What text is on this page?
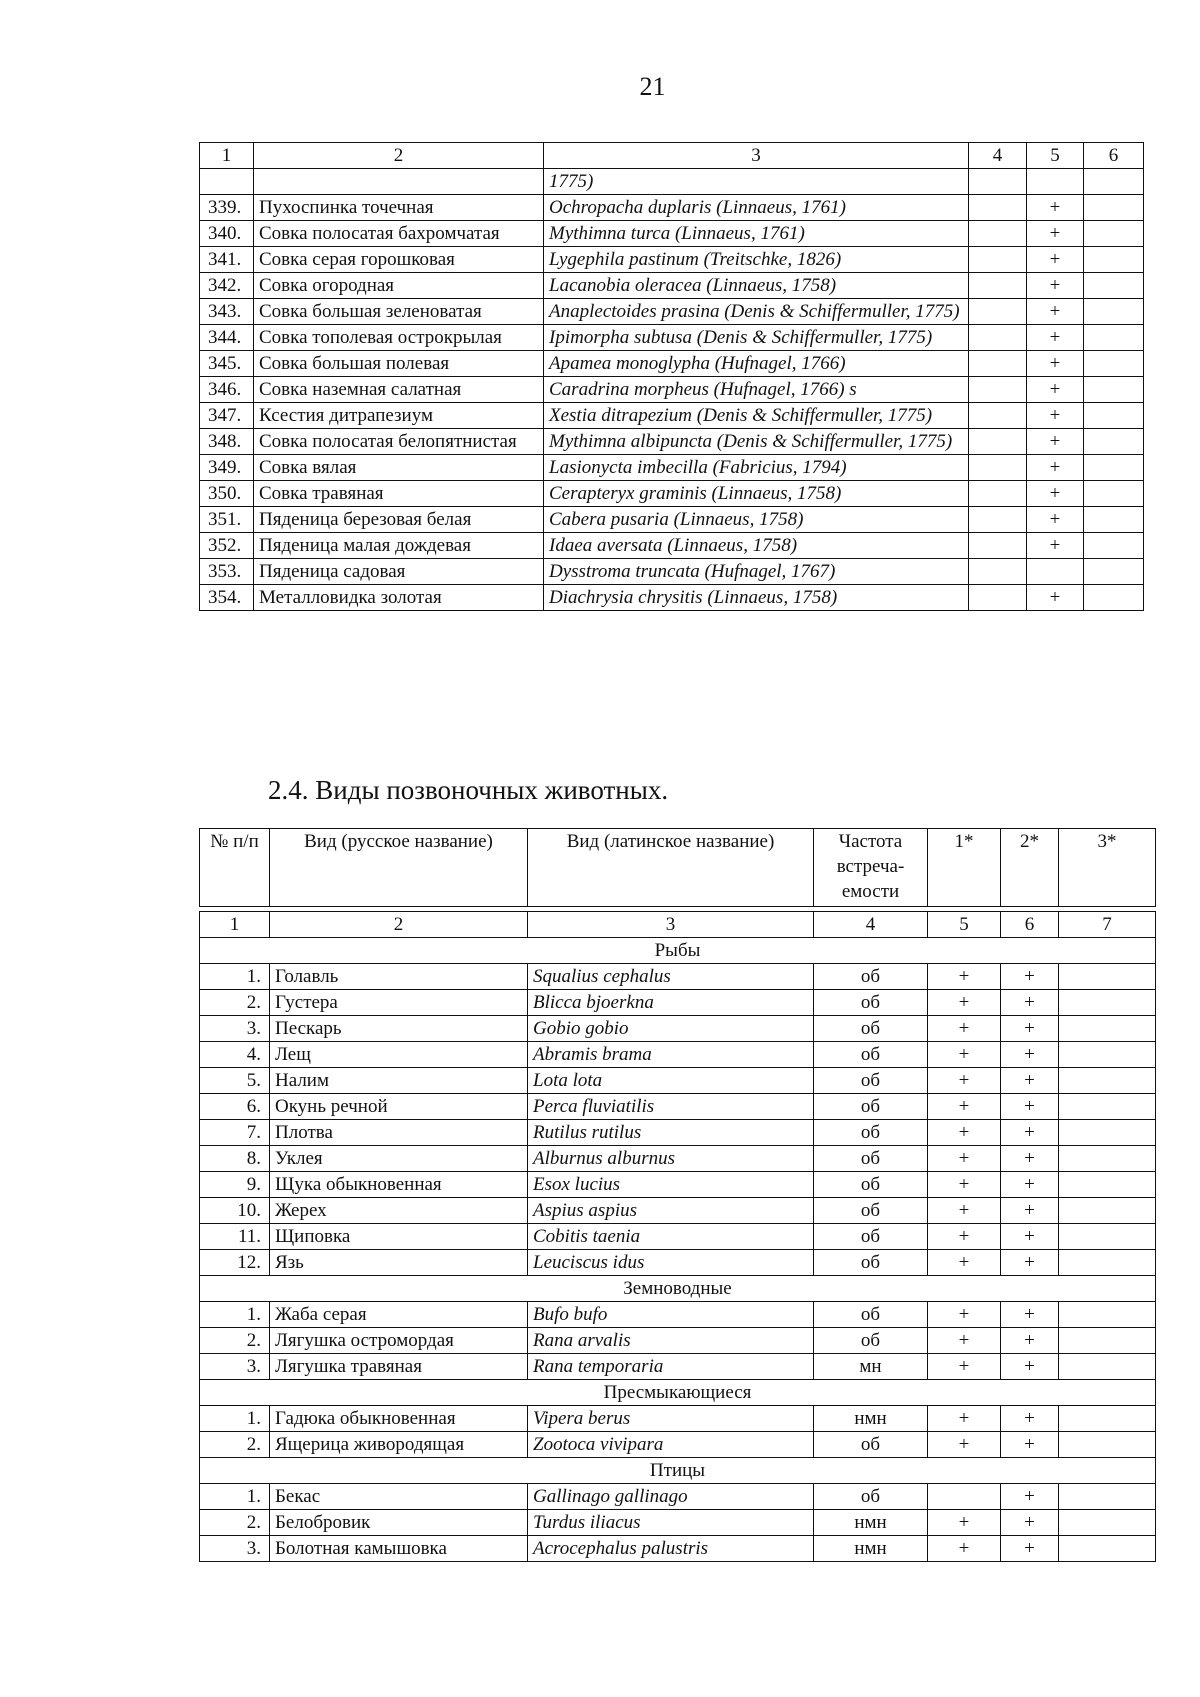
21
1	2	3	4	5	6
		1775)			
339.	Пухоспинка точечная	Ochropacha duplaris (Linnaeus, 1761)		+	
340.	Совка полосатая бахромчатая	Mythimna turca (Linnaeus, 1761)		+	
341.	Совка серая горошковая	Lygephila pastinum (Treitschke, 1826)		+	
342.	Совка огородная	Lacanobia oleracea (Linnaeus, 1758)		+	
343.	Совка большая зеленоватая	Anaplectoides prasina (Denis & Schiffermuller, 1775)		+	
344.	Совка тополевая острокрылая	Ipimorpha subtusa (Denis & Schiffermuller, 1775)		+	
345.	Совка большая полевая	Apamea monoglypha (Hufnagel, 1766)		+	
346.	Совка наземная салатная	Caradrina morpheus (Hufnagel, 1766) s		+	
347.	Ксестия дитрапезиум	Xestia ditrapezium (Denis & Schiffermuller, 1775)		+	
348.	Совка полосатая белопятнистая	Mythimna albipuncta (Denis & Schiffermuller, 1775)		+	
349.	Совка вялая	Lasionycta imbecilla (Fabricius, 1794)		+	
350.	Совка травяная	Cerapteryx graminis (Linnaeus, 1758)		+	
351.	Пяденица березовая белая	Cabera pusaria (Linnaeus, 1758)		+	
352.	Пяденица малая дождевая	Idaea aversata (Linnaeus, 1758)		+	
353.	Пяденица садовая	Dysstroma truncata (Hufnagel, 1767)			
354.	Металловидка золотая	Diachrysia chrysitis (Linnaeus, 1758)		+	
2.4. Виды позвоночных животных.
№ п/п	Вид (русское название)	Вид (латинское название)	Частота встреча-емости	1*	2*	3*

1	2	3	4	5	6	7
Рыбы						
1.	Голавль	Squalius cephalus	об	+	+	
2.	Густера	Blicca bjoerkna	об	+	+	
3.	Пескарь	Gobio gobio	об	+	+	
4.	Лещ	Abramis brama	об	+	+	
5.	Налим	Lota lota	об	+	+	
6.	Окунь речной	Perca fluviatilis	об	+	+	
7.	Плотва	Rutilus rutilus	об	+	+	
8.	Уклея	Alburnus alburnus	об	+	+	
9.	Щука обыкновенная	Esox lucius	об	+	+	
10.	Жерех	Aspius aspius	об	+	+	
11.	Щиповка	Cobitis taenia	об	+	+	
12.	Язь	Leuciscus idus	об	+	+	
Земноводные						
1.	Жаба серая	Bufo bufo	об	+	+	
2.	Лягушка остромордая	Rana arvalis	об	+	+	
3.	Лягушка травяная	Rana temporaria	мн	+	+	
Пресмыкающиеся						
1.	Гадюка обыкновенная	Vipera berus	нмн	+	+	
2.	Ящерица живородящая	Zootoca vivipara	об	+	+	
Птицы						
1.	Бекас	Gallinago gallinago	об		+	
2.	Белобровик	Turdus iliacus	нмн	+	+	
3.	Болотная камышовка	Acrocephalus palustris	нмн	+	+	
